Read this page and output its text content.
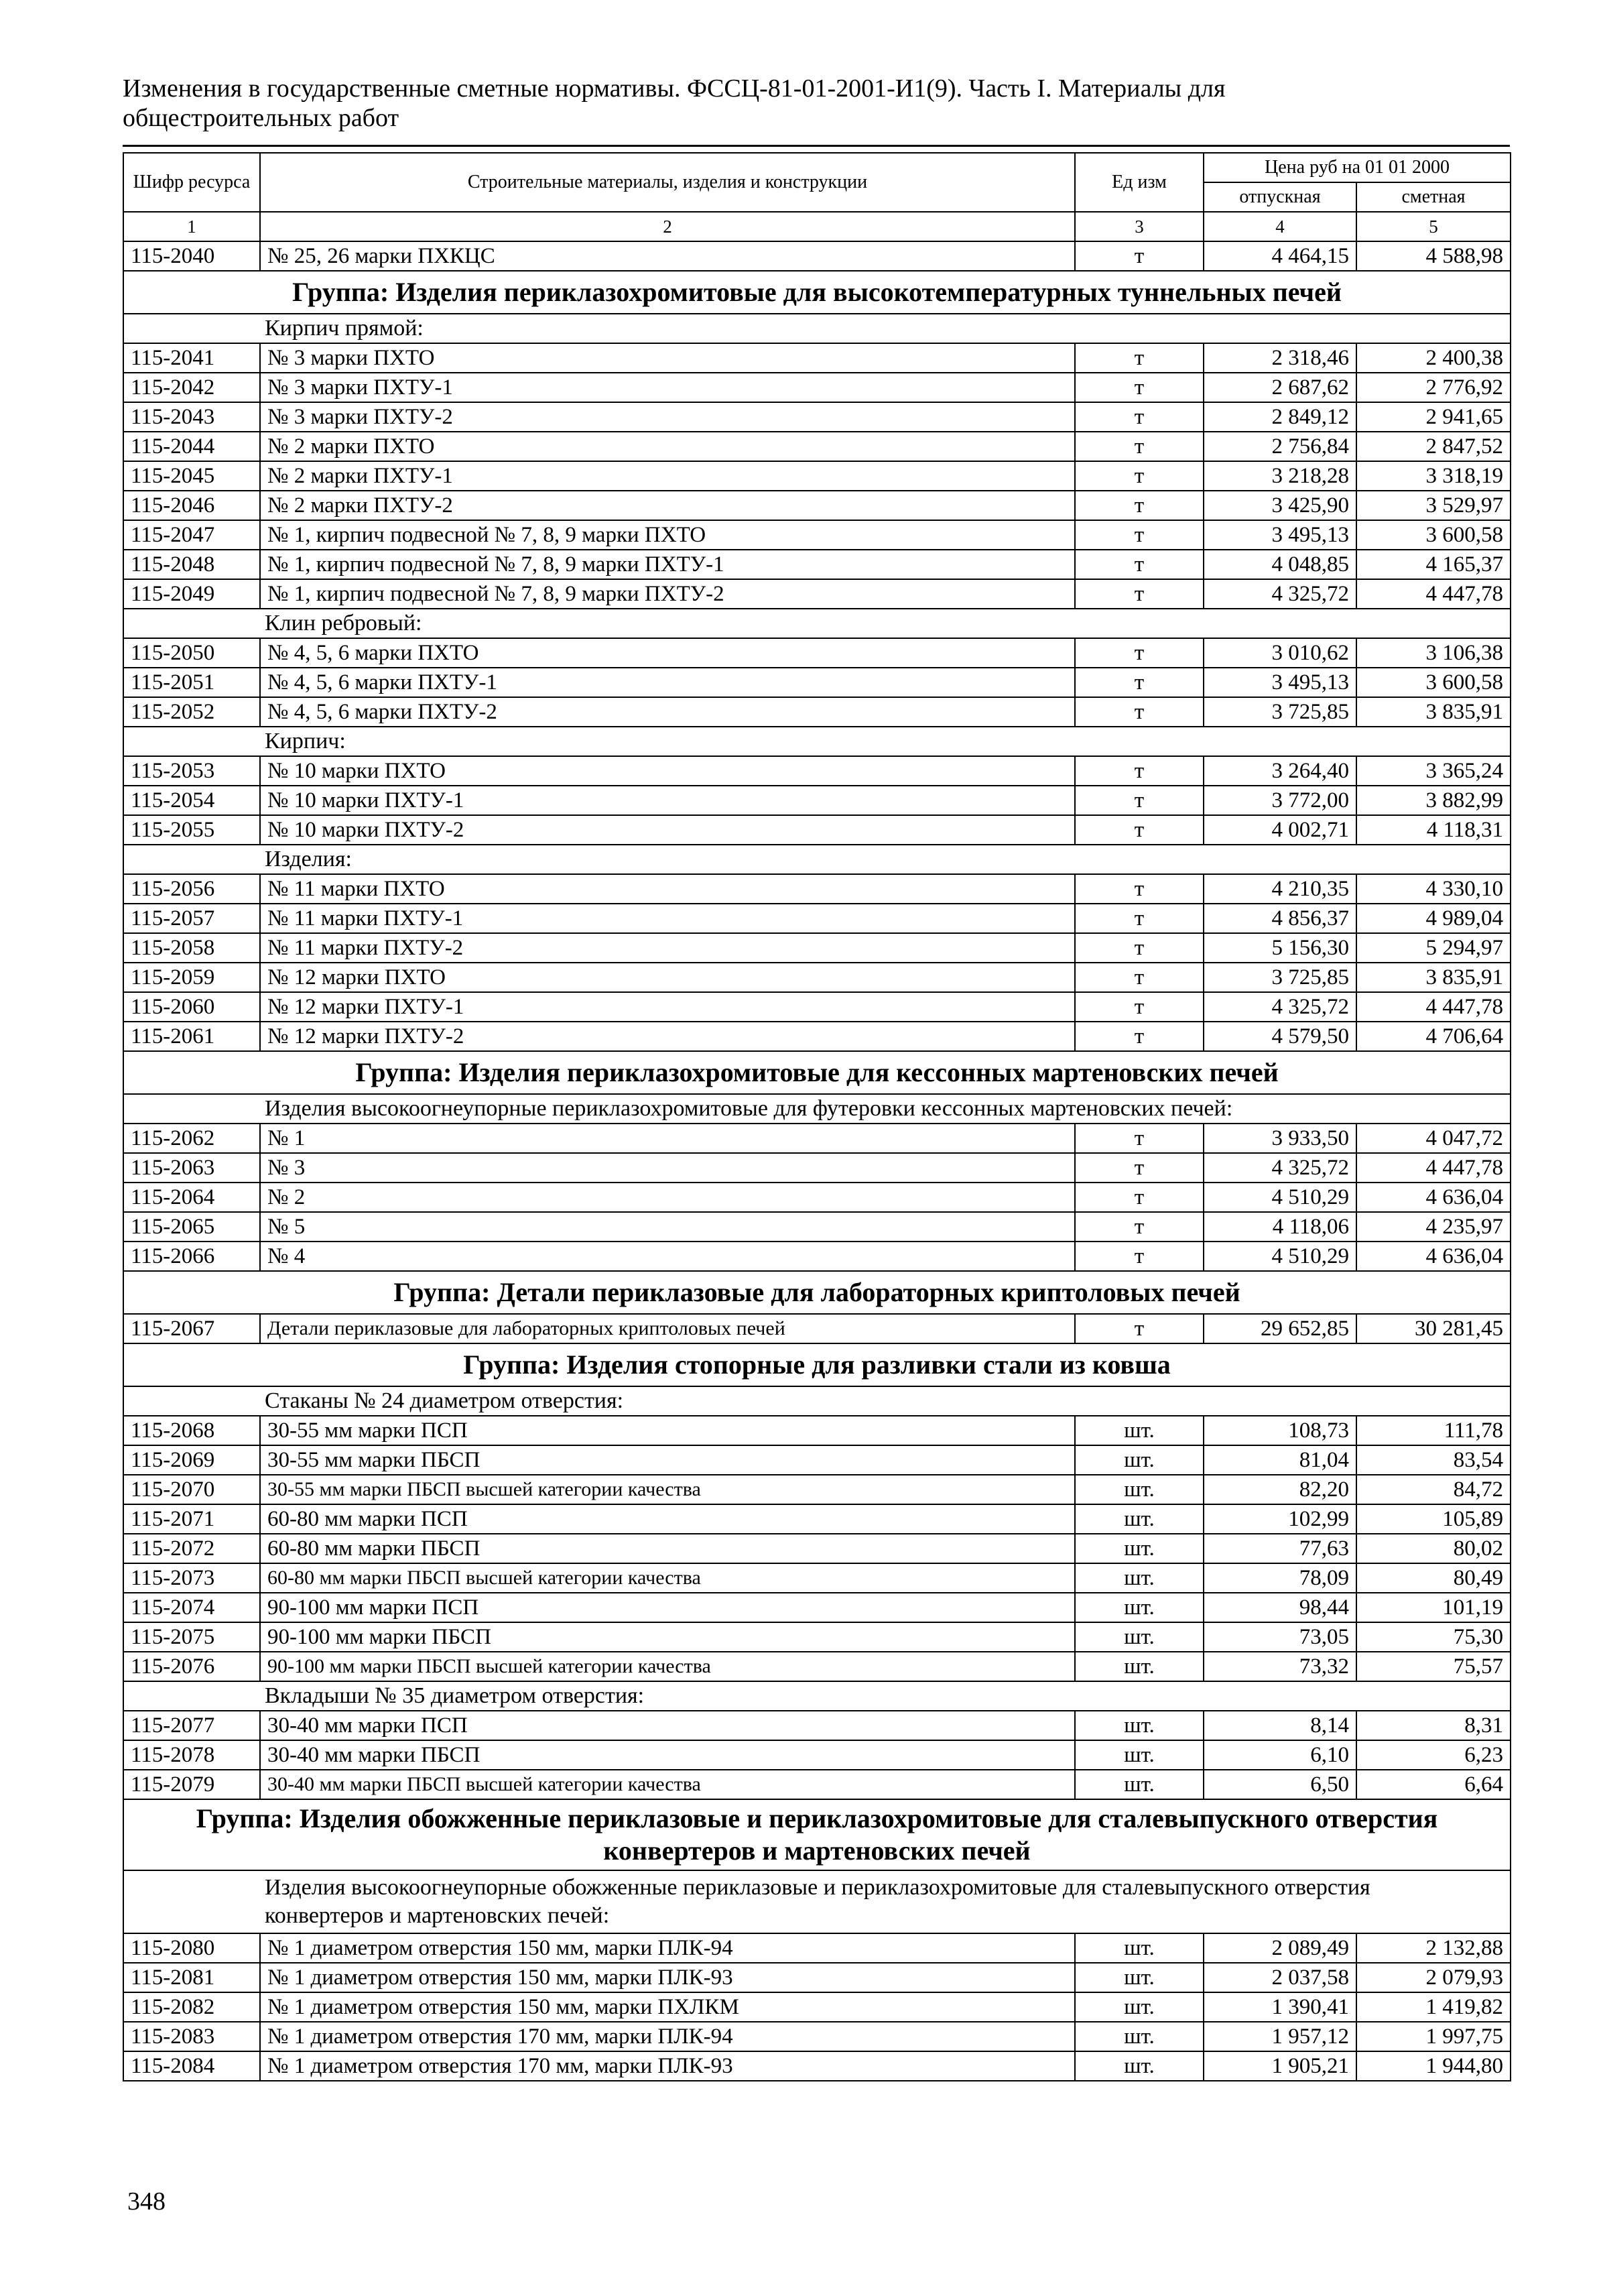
Изменения в государственные сметные нормативы. ФССЦ-81-01-2001-И1(9). Часть I. Материалы для общестроительных работ
Шифр ресурса	Строительные материалы, изделия и конструкции	Ед изм	Цена руб на 01 01 2000	
			отпускная	сметная
1	2	3	4	5
115-2040	№ 25, 26 марки ПХКЦС	т	4 464,15	4 588,98
Группа: Изделия периклазохромитовые для высокотемпературных туннельных печей				
Кирпич прямой:				
115-2041	№ 3 марки ПХТО	т	2 318,46	2 400,38
115-2042	№ 3 марки ПХТУ-1	т	2 687,62	2 776,92
115-2043	№ 3 марки ПХТУ-2	т	2 849,12	2 941,65
115-2044	№ 2 марки ПХТО	т	2 756,84	2 847,52
115-2045	№ 2 марки ПХТУ-1	т	3 218,28	3 318,19
115-2046	№ 2 марки ПХТУ-2	т	3 425,90	3 529,97
115-2047	№ 1, кирпич подвесной № 7, 8, 9 марки ПХТО	т	3 495,13	3 600,58
115-2048	№ 1, кирпич подвесной № 7, 8, 9 марки ПХТУ-1	т	4 048,85	4 165,37
115-2049	№ 1, кирпич подвесной № 7, 8, 9 марки ПХТУ-2	т	4 325,72	4 447,78
Клин ребровый:				
115-2050	№ 4, 5, 6 марки ПХТО	т	3 010,62	3 106,38
115-2051	№ 4, 5, 6 марки ПХТУ-1	т	3 495,13	3 600,58
115-2052	№ 4, 5, 6 марки ПХТУ-2	т	3 725,85	3 835,91
Кирпич:				
115-2053	№ 10 марки ПХТО	т	3 264,40	3 365,24
115-2054	№ 10 марки ПХТУ-1	т	3 772,00	3 882,99
115-2055	№ 10 марки ПХТУ-2	т	4 002,71	4 118,31
Изделия:				
115-2056	№ 11 марки ПХТО	т	4 210,35	4 330,10
115-2057	№ 11 марки ПХТУ-1	т	4 856,37	4 989,04
115-2058	№ 11 марки ПХТУ-2	т	5 156,30	5 294,97
115-2059	№ 12 марки ПХТО	т	3 725,85	3 835,91
115-2060	№ 12 марки ПХТУ-1	т	4 325,72	4 447,78
115-2061	№ 12 марки ПХТУ-2	т	4 579,50	4 706,64
Группа: Изделия периклазохромитовые для кессонных мартеновских печей				
Изделия высокоогнеупорные периклазохромитовые для футеровки кессонных мартеновских печей:				
115-2062	№ 1	т	3 933,50	4 047,72
115-2063	№ 3	т	4 325,72	4 447,78
115-2064	№ 2	т	4 510,29	4 636,04
115-2065	№ 5	т	4 118,06	4 235,97
115-2066	№ 4	т	4 510,29	4 636,04
Группа: Детали периклазовые для лабораторных криптоловых печей				
115-2067	Детали периклазовые для лабораторных криптоловых печей	т	29 652,85	30 281,45
Группа: Изделия стопорные для разливки стали из ковша				
Стаканы № 24 диаметром отверстия:				
115-2068	30-55 мм марки ПСП	шт.	108,73	111,78
115-2069	30-55 мм марки ПБСП	шт.	81,04	83,54
115-2070	30-55 мм марки ПБСП высшей категории качества	шт.	82,20	84,72
115-2071	60-80 мм марки ПСП	шт.	102,99	105,89
115-2072	60-80 мм марки ПБСП	шт.	77,63	80,02
115-2073	60-80 мм марки ПБСП высшей категории качества	шт.	78,09	80,49
115-2074	90-100 мм марки ПСП	шт.	98,44	101,19
115-2075	90-100 мм марки ПБСП	шт.	73,05	75,30
115-2076	90-100 мм марки ПБСП высшей категории качества	шт.	73,32	75,57
Вкладыши № 35 диаметром отверстия:				
115-2077	30-40 мм марки ПСП	шт.	8,14	8,31
115-2078	30-40 мм марки ПБСП	шт.	6,10	6,23
115-2079	30-40 мм марки ПБСП высшей категории качества	шт.	6,50	6,64
Группа: Изделия обожженные периклазовые и периклазохромитовые для сталевыпускного отверстия конвертеров и мартеновских печей				
Изделия высокоогнеупорные обожженные периклазовые и периклазохромитовые для сталевыпускного отверстия конвертеров и мартеновских печей:				
115-2080	№ 1 диаметром отверстия 150 мм, марки ПЛК-94	шт.	2 089,49	2 132,88
115-2081	№ 1 диаметром отверстия 150 мм, марки ПЛК-93	шт.	2 037,58	2 079,93
115-2082	№ 1 диаметром отверстия 150 мм, марки ПХЛКМ	шт.	1 390,41	1 419,82
115-2083	№ 1 диаметром отверстия 170 мм, марки ПЛК-94	шт.	1 957,12	1 997,75
115-2084	№ 1 диаметром отверстия 170 мм, марки ПЛК-93	шт.	1 905,21	1 944,80
348
